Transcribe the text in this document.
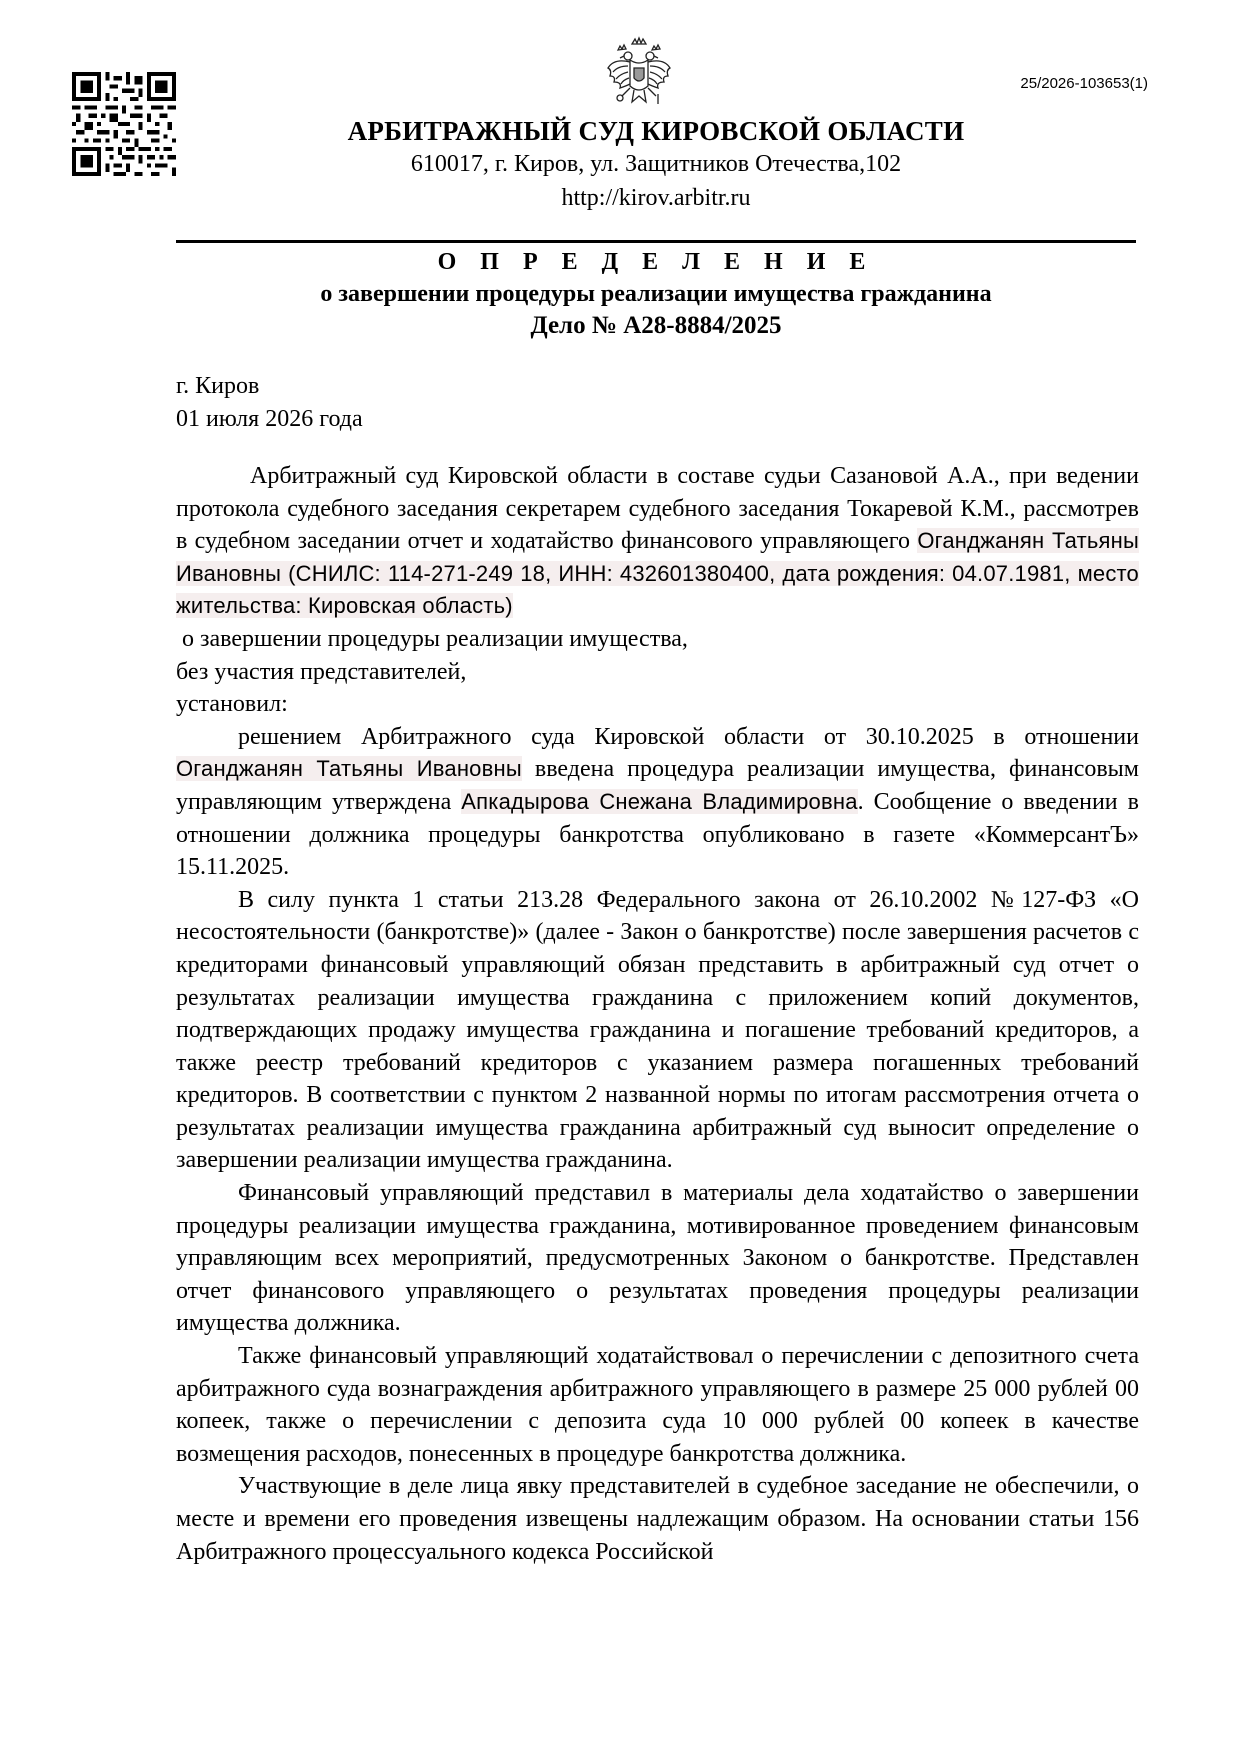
25/2026-103653(1)
АРБИТРАЖНЫЙ СУД КИРОВСКОЙ ОБЛАСТИ
610017, г. Киров, ул. Защитников Отечества,102
http://kirov.arbitr.ru
О П Р Е Д Е Л Е Н И Е
о завершении процедуры реализации имущества гражданина
Дело № А28-8884/2025
г. Киров
01 июля 2026 года

Арбитражный суд Кировской области в составе судьи Сазановой А.А., при ведении протокола судебного заседания секретарем судебного заседания Токаревой К.М., рассмотрев в судебном заседании отчет и ходатайство финансового управляющего Оганджанян Татьяны Ивановны (СНИЛС: 114-271-249 18, ИНН: 432601380400, дата рождения: 04.07.1981, место жительства: Кировская область)

о завершении процедуры реализации имущества,

без участия представителей,

установил:

решением Арбитражного суда Кировской области от 30.10.2025 в отношении Оганджанян Татьяны Ивановны введена процедура реализации имущества, финансовым управляющим утверждена Апкадырова Снежана Владимировна. Сообщение о введении в отношении должника процедуры банкротства опубликовано в газете «КоммерсантЪ» 15.11.2025.

В силу пункта 1 статьи 213.28 Федерального закона от 26.10.2002 №127-ФЗ «О несостоятельности (банкротстве)» (далее - Закон о банкротстве) после завершения расчетов с кредиторами финансовый управляющий обязан представить в арбитражный суд отчет о результатах реализации имущества гражданина с приложением копий документов, подтверждающих продажу имущества гражданина и погашение требований кредиторов, а также реестр требований кредиторов с указанием размера погашенных требований кредиторов. В соответствии с пунктом 2 названной нормы по итогам рассмотрения отчета о результатах реализации имущества гражданина арбитражный суд выносит определение о завершении реализации имущества гражданина.

Финансовый управляющий представил в материалы дела ходатайство о завершении процедуры реализации имущества гражданина, мотивированное проведением финансовым управляющим всех мероприятий, предусмотренных Законом о банкротстве. Представлен отчет финансового управляющего о результатах проведения процедуры реализации имущества должника.

Также финансовый управляющий ходатайствовал о перечислении с депозитного счета арбитражного суда вознаграждения арбитражного управляющего в размере 25 000 рублей 00 копеек, также о перечислении с депозита суда 10 000 рублей 00 копеек в качестве возмещения расходов, понесенных в процедуре банкротства должника.

Участвующие в деле лица явку представителей в судебное заседание не обеспечили, о месте и времени его проведения извещены надлежащим образом. На основании статьи 156 Арбитражного процессуального кодекса Российской
